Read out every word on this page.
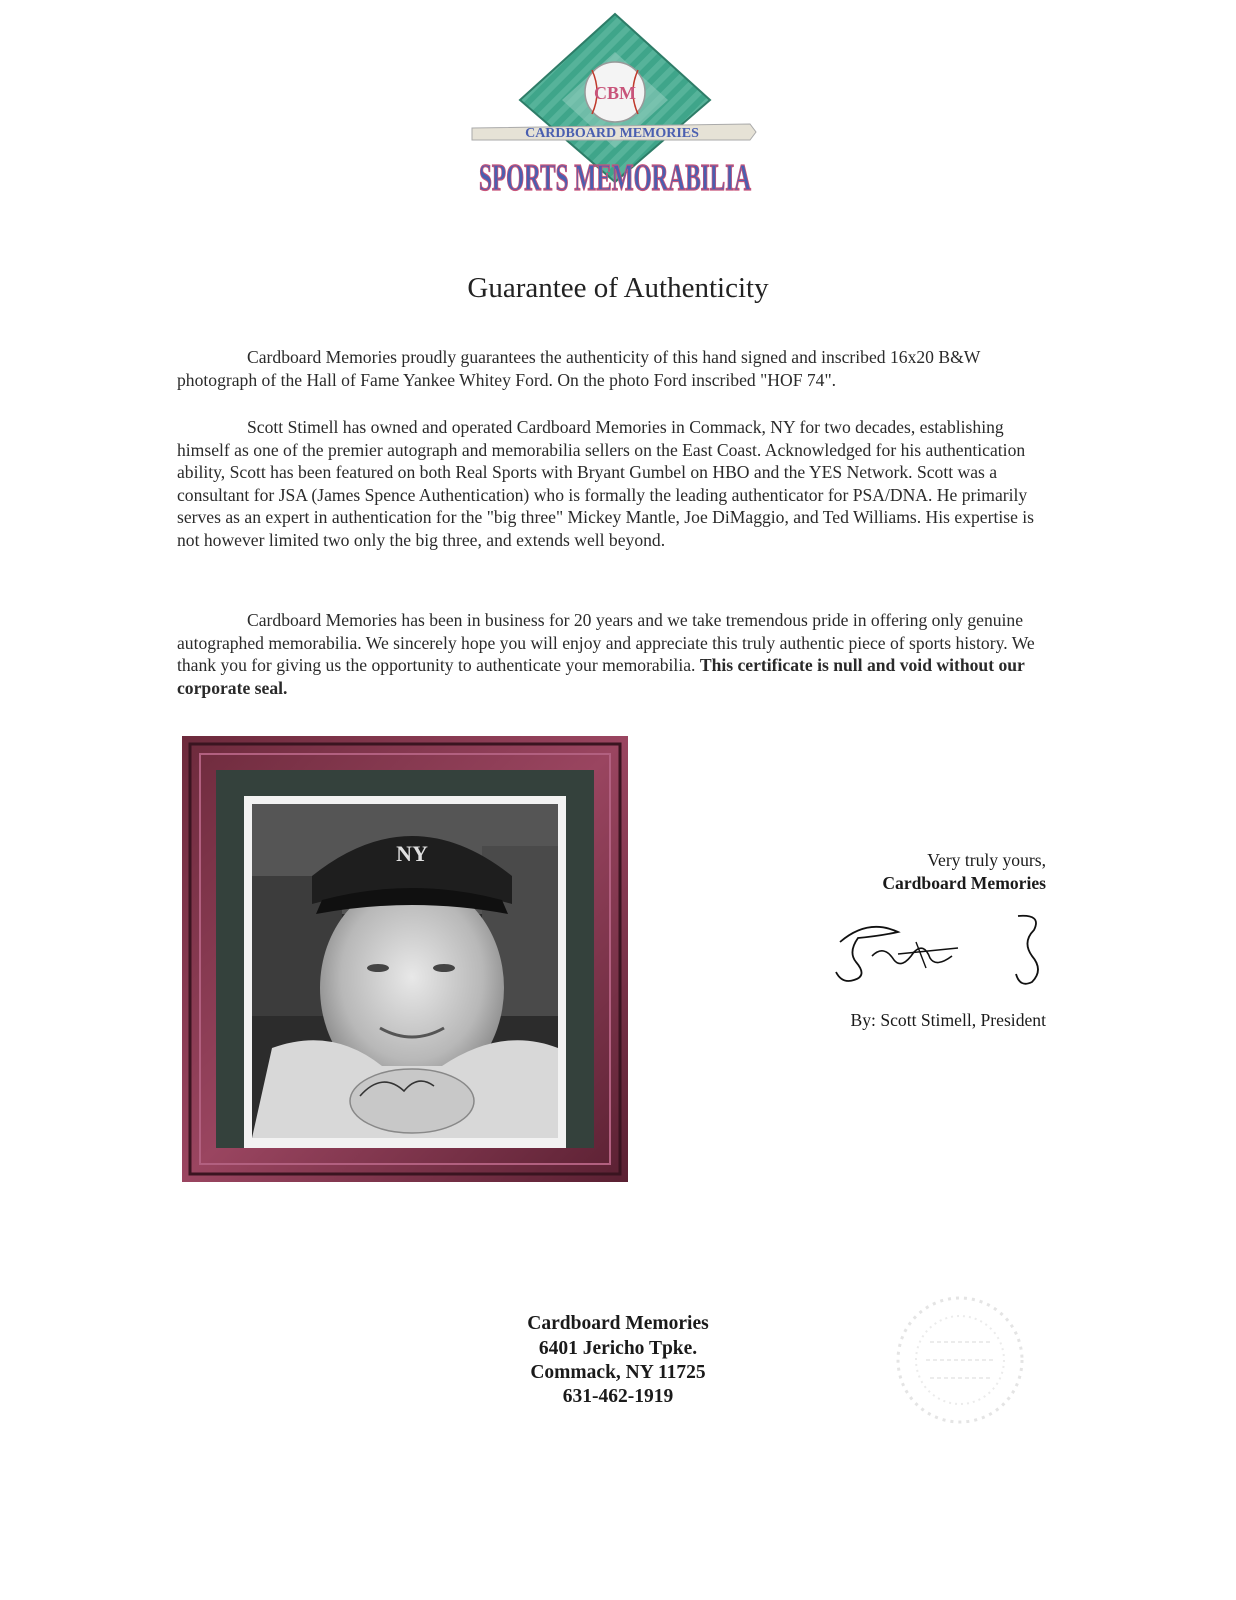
CBM
CARDBOARD MEMORIES
SPORTS MEMORABILIA
Guarantee of Authenticity
Cardboard Memories proudly guarantees the authenticity of this hand signed and inscribed 16x20 B&W photograph of the Hall of Fame Yankee Whitey Ford. On the photo Ford inscribed "HOF 74".
Scott Stimell has owned and operated Cardboard Memories in Commack, NY for two decades, establishing himself as one of the premier autograph and memorabilia sellers on the East Coast. Acknowledged for his authentication ability, Scott has been featured on both Real Sports with Bryant Gumbel on HBO and the YES Network. Scott was a consultant for JSA (James Spence Authentication) who is formally the leading authenticator for PSA/DNA. He primarily serves as an expert in authentication for the "big three" Mickey Mantle, Joe DiMaggio, and Ted Williams. His expertise is not however limited two only the big three, and extends well beyond.
Cardboard Memories has been in business for 20 years and we take tremendous pride in offering only genuine autographed memorabilia. We sincerely hope you will enjoy and appreciate this truly authentic piece of sports history. We thank you for giving us the opportunity to authenticate your memorabilia. This certificate is null and void without our corporate seal.
NY	Very truly yours,
Cardboard Memories
By: Scott Stimell, President
Cardboard Memories
6401 Jericho Tpke.
Commack, NY 11725
631-462-1919
